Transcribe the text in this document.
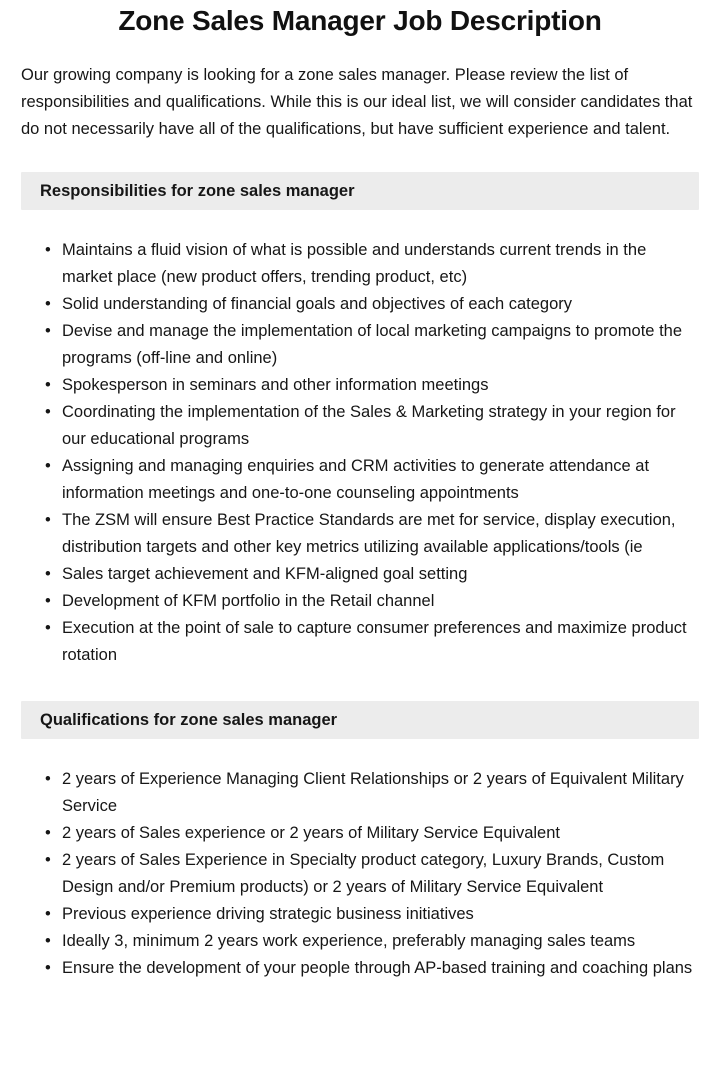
Zone Sales Manager Job Description

Our growing company is looking for a zone sales manager. Please review the list of responsibilities and qualifications. While this is our ideal list, we will consider candidates that do not necessarily have all of the qualifications, but have sufficient experience and talent.

Responsibilities for zone sales manager
• Maintains a fluid vision of what is possible and understands current trends in the market place (new product offers, trending product, etc)
• Solid understanding of financial goals and objectives of each category
• Devise and manage the implementation of local marketing campaigns to promote the programs (off-line and online)
• Spokesperson in seminars and other information meetings
• Coordinating the implementation of the Sales & Marketing strategy in your region for our educational programs
• Assigning and managing enquiries and CRM activities to generate attendance at information meetings and one-to-one counseling appointments
• The ZSM will ensure Best Practice Standards are met for service, display execution, distribution targets and other key metrics utilizing available applications/tools (ie
• Sales target achievement and KFM-aligned goal setting
• Development of KFM portfolio in the Retail channel
• Execution at the point of sale to capture consumer preferences and maximize product rotation
Qualifications for zone sales manager
• 2 years of Experience Managing Client Relationships or 2 years of Equivalent Military Service
• 2 years of Sales experience or 2 years of Military Service Equivalent
• 2 years of Sales Experience in Specialty product category, Luxury Brands, Custom Design and/or Premium products) or 2 years of Military Service Equivalent
• Previous experience driving strategic business initiatives
• Ideally 3, minimum 2 years work experience, preferably managing sales teams
• Ensure the development of your people through AP-based training and coaching plans
